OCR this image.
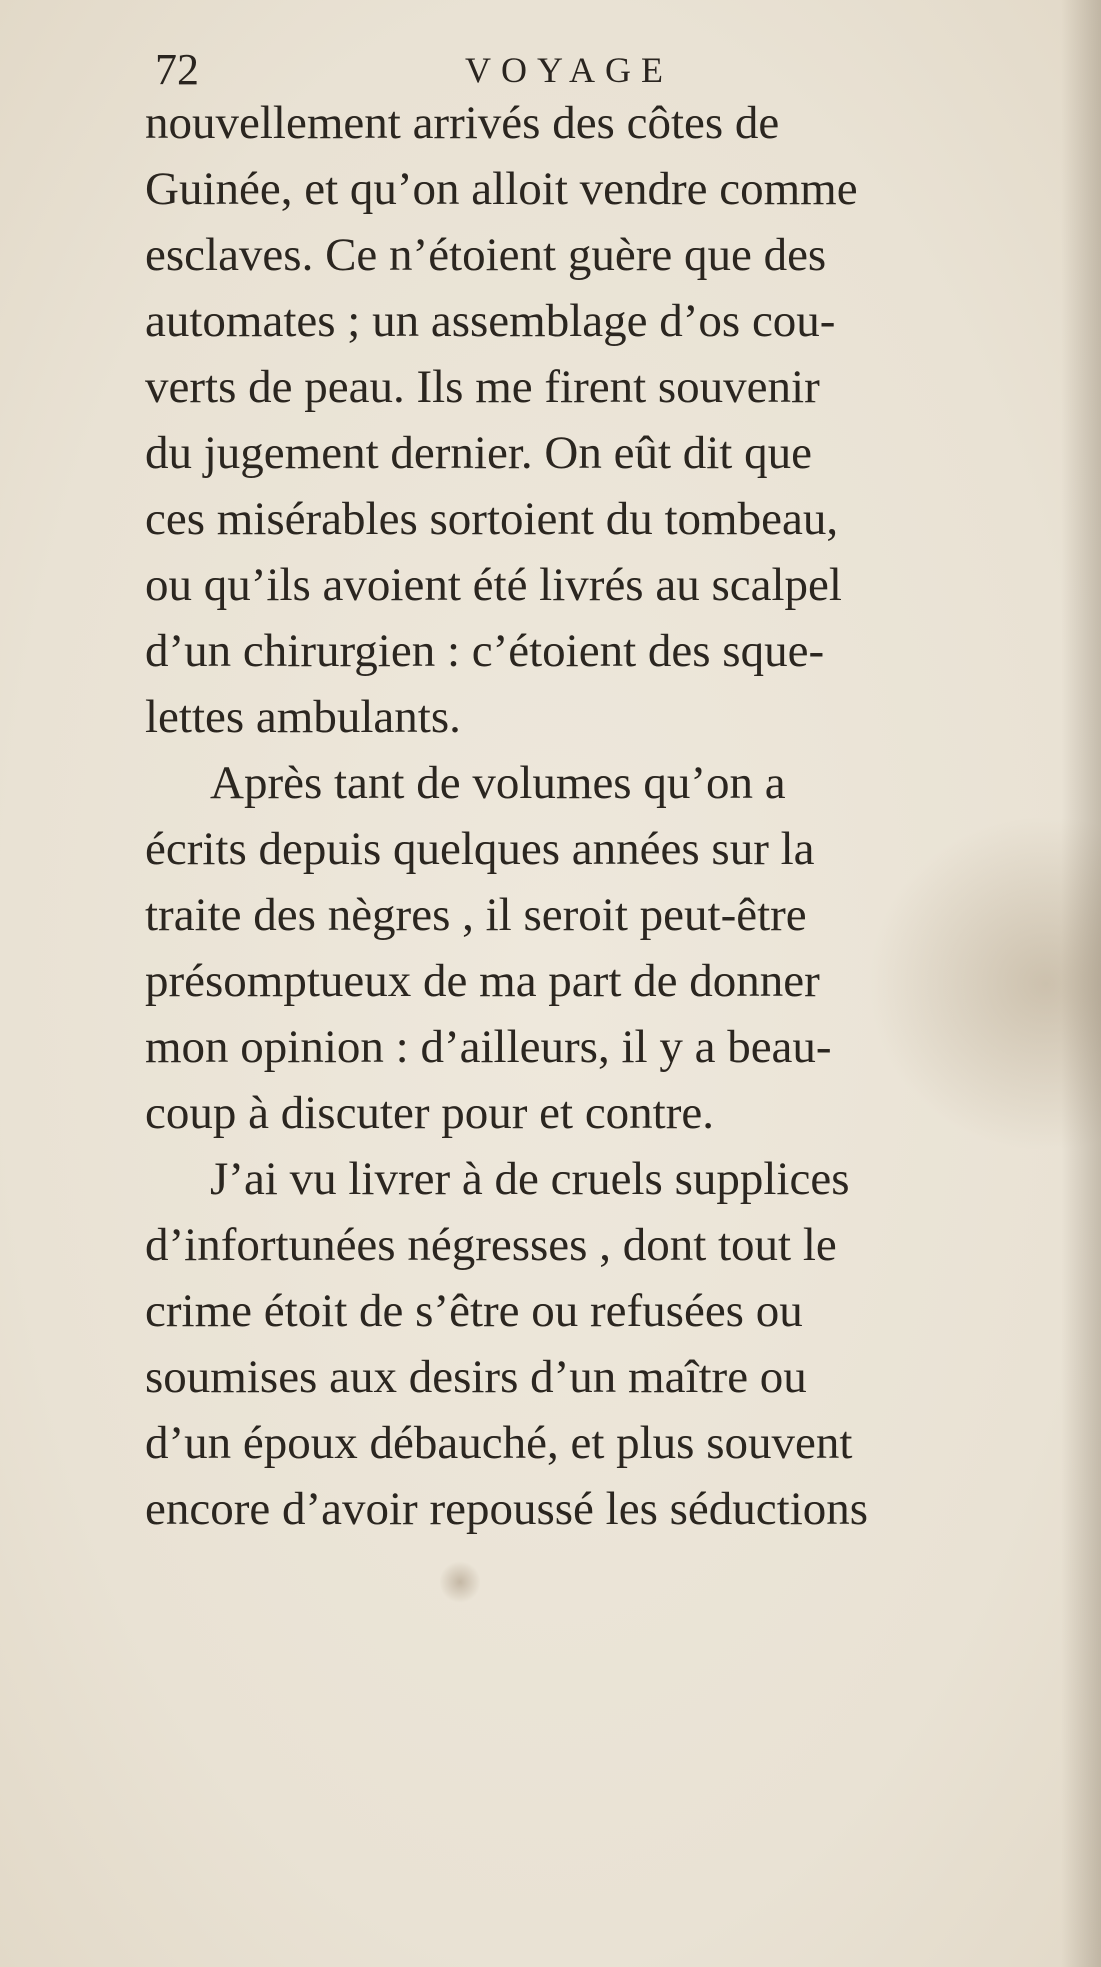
72	VOYAGE
nouvellement arrivés des côtes de
Guinée, et qu’on alloit vendre comme
esclaves. Ce n’étoient guère que des
automates ; un assemblage d’os cou-
verts de peau. Ils me firent souvenir
du jugement dernier. On eût dit que
ces misérables sortoient du tombeau,
ou qu’ils avoient été livrés au scalpel
d’un chirurgien : c’étoient des sque-
lettes ambulants.
Après tant de volumes qu’on a
écrits depuis quelques années sur la
traite des nègres , il seroit peut-être
présomptueux de ma part de donner
mon opinion : d’ailleurs, il y a beau-
coup à discuter pour et contre.
J’ai vu livrer à de cruels supplices
d’infortunées négresses , dont tout le
crime étoit de s’être ou refusées ou
soumises aux desirs d’un maître ou
d’un époux débauché, et plus souvent
encore d’avoir repoussé les séductions
